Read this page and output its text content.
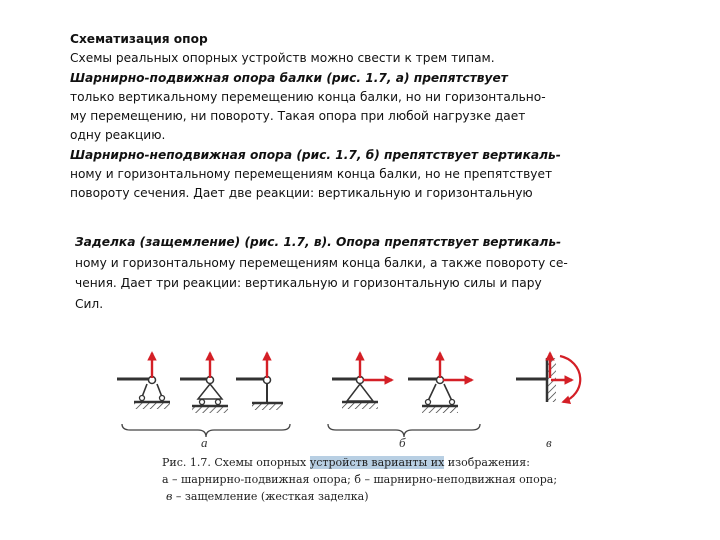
Схематизация опор
Схемы реальных опорных устройств можно свести к трем типам.
Шарнирно-подвижная опора балки (рис. 1.7, а) препятствует
только вертикальному перемещению конца балки, но ни горизонтально-
му перемещению, ни повороту. Такая опора при любой нагрузке дает
одну реакцию.
Шарнирно-неподвижная опора (рис. 1.7, б) препятствует вертикаль-
ному и горизонтальному перемещениям конца балки, но не препятствует
повороту сечения. Дает две реакции: вертикальную и горизонтальную
Заделка (защемление) (рис. 1.7, в). Опора препятствует вертикаль-
ному и горизонтальному перемещениям конца балки, а также повороту се-
чения. Дает три реакции: вертикальную и горизонтальную силы и пару
Сил.
а	б	в
Рис. 1.7. Схемы опорных устройств варианты их изображения:
а – шарнирно-подвижная опора; б – шарнирно-неподвижная опора;
в – защемление (жесткая заделка)
